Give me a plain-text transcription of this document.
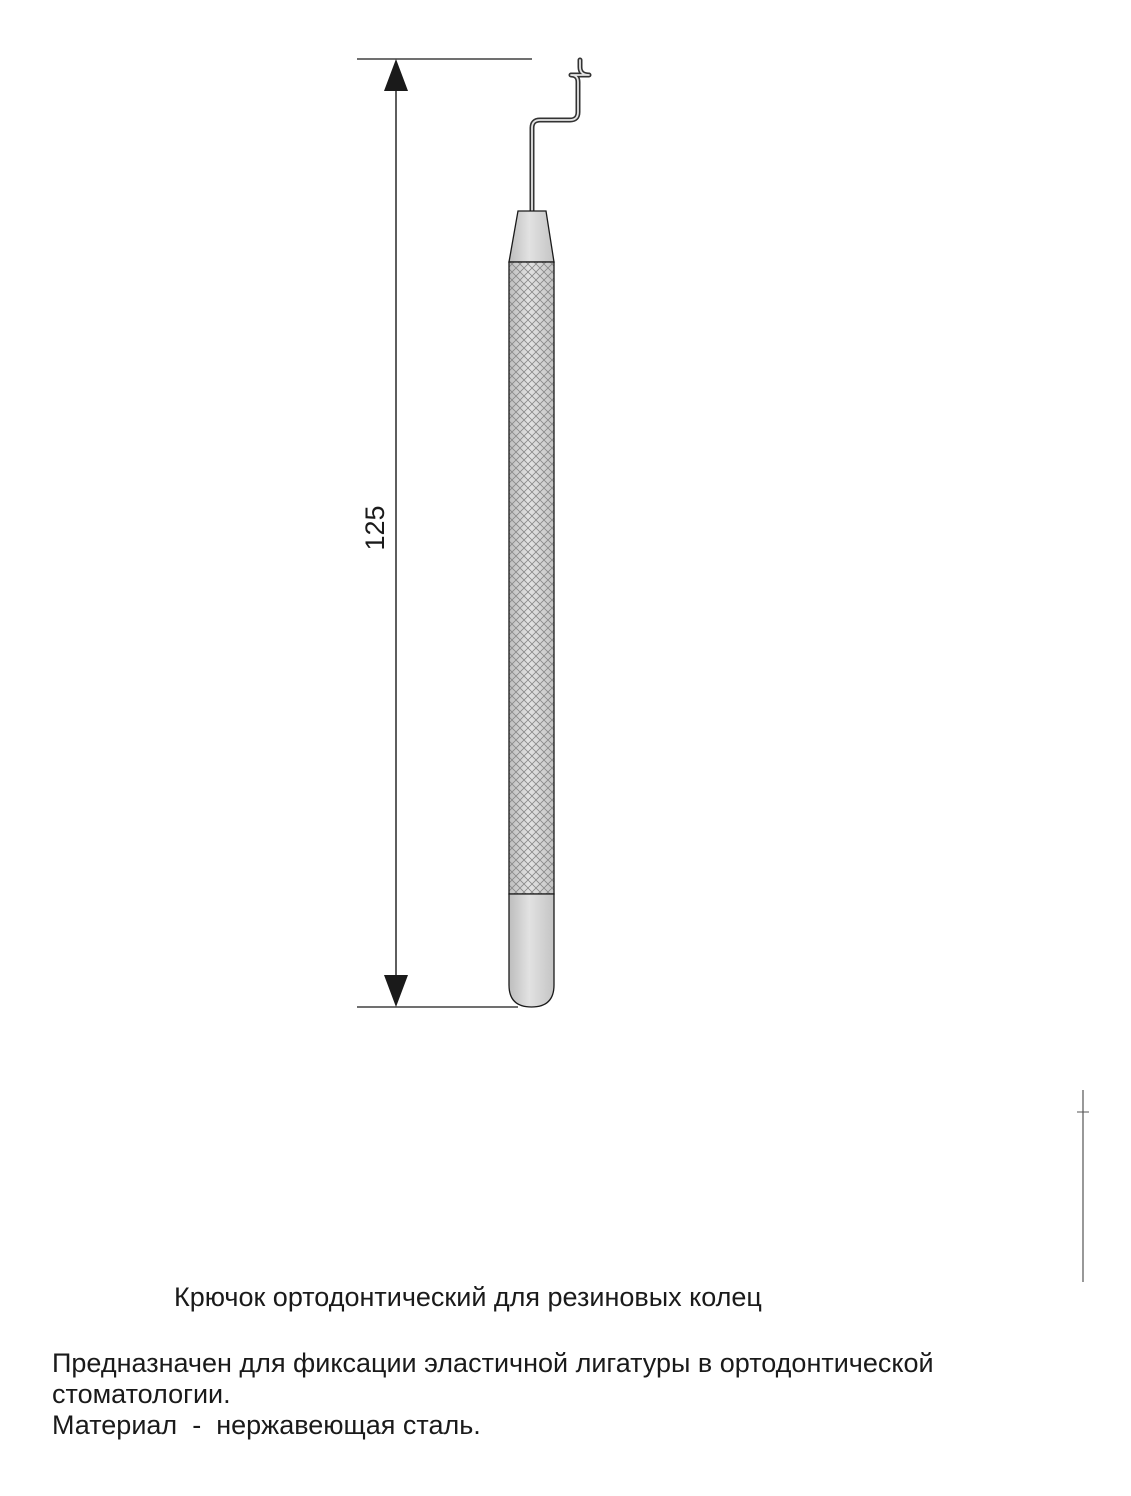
125
Крючок ортодонтический для резиновых колец

Предназначен для фиксации эластичной лигатуры в ортодонтической стоматологии.

Материал - нержавеющая сталь.
